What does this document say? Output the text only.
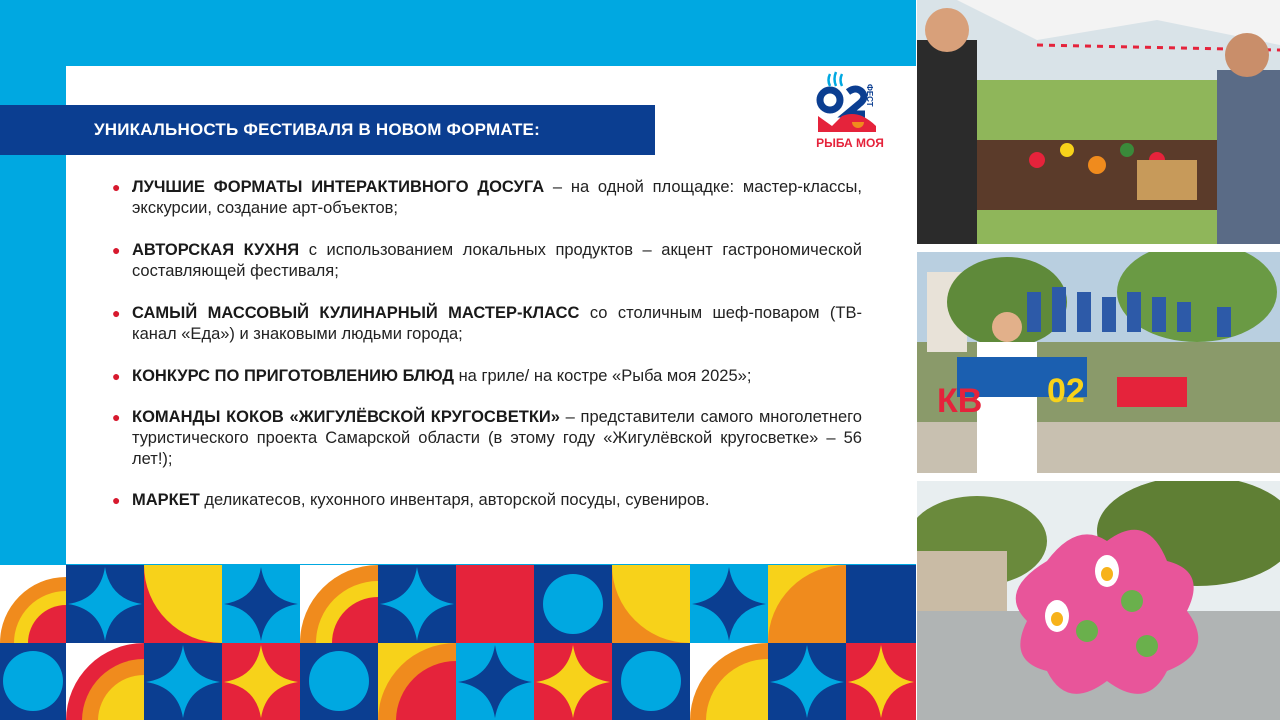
УНИКАЛЬНОСТЬ ФЕСТИВАЛЯ В НОВОМ ФОРМАТЕ:
ФЕСТ
РЫБА МОЯ
● ЛУЧШИЕ ФОРМАТЫ ИНТЕРАКТИВНОГО ДОСУГА – на одной площадке: мастер-классы, экскурсии, создание арт-объектов;
● АВТОРСКАЯ КУХНЯ с использованием локальных продуктов – акцент гастрономической составляющей фестиваля;
● САМЫЙ МАССОВЫЙ КУЛИНАРНЫЙ МАСТЕР-КЛАСС со столичным шеф-поваром (ТВ-канал «Еда») и знаковыми людьми города;
● КОНКУРС ПО ПРИГОТОВЛЕНИЮ БЛЮД на гриле/ на костре «Рыба моя 2025»;
● КОМАНДЫ КОКОВ «ЖИГУЛЁВСКОЙ КРУГОСВЕТКИ» – представители самого многолетнего туристического проекта Самарской области (в этому году «Жигулёвской кругосветке» – 56 лет!);
● МАРКЕТ деликатесов, кухонного инвентаря, авторской посуды, сувениров.
КВ 02
